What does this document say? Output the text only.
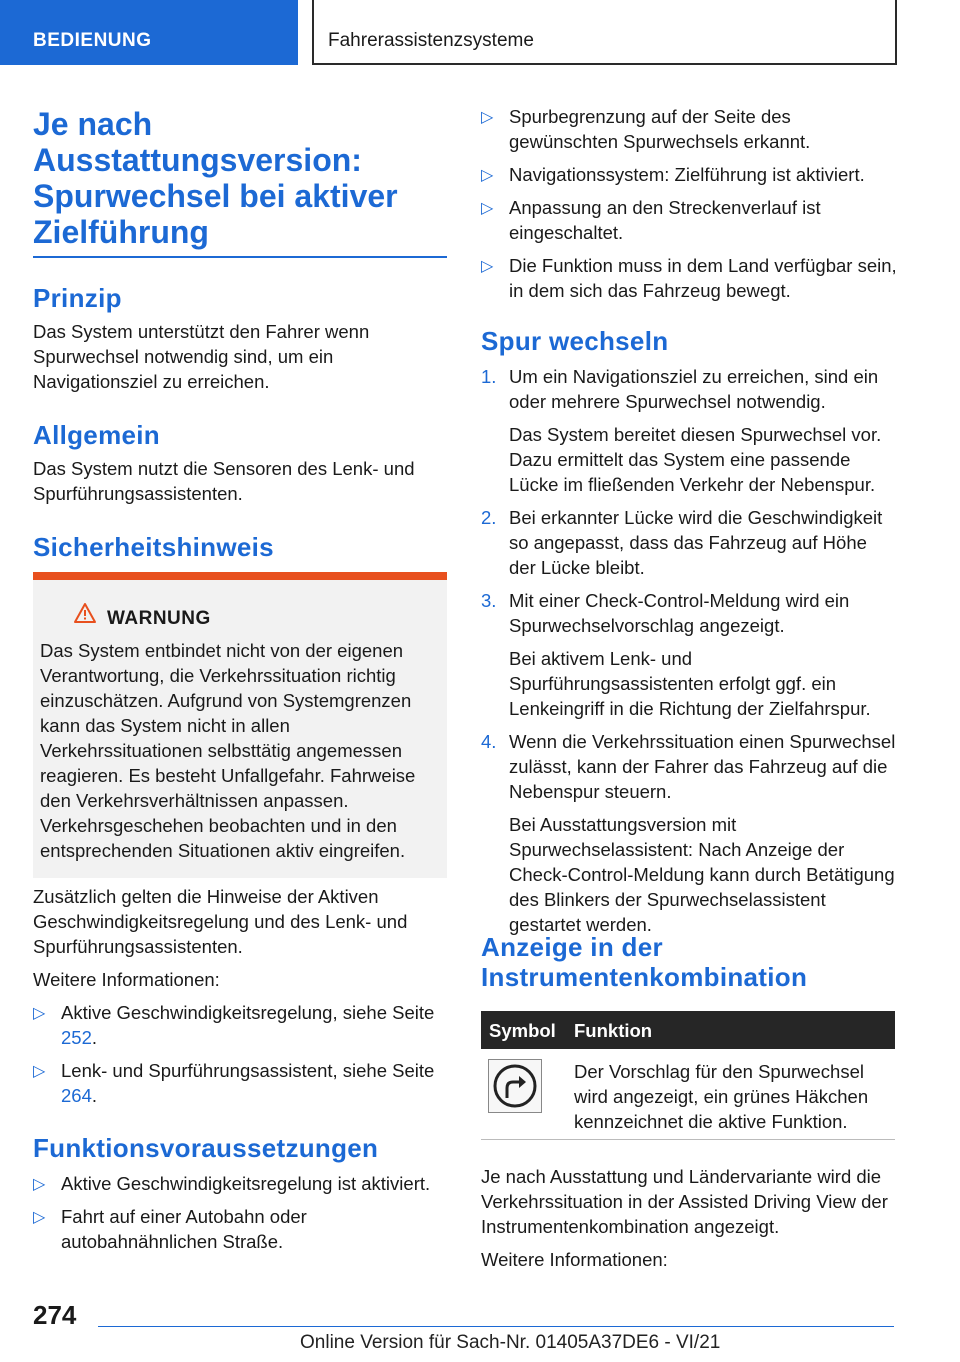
BEDIENUNG	Fahrerassistenzsysteme
Je nach
Ausstattungsversion:
Spurwechsel bei aktiver
Zielführung
Prinzip

Das System unterstützt den Fahrer wenn Spurwechsel notwendig sind, um ein Navigationsziel zu erreichen.

Allgemein

Das System nutzt die Sensoren des Lenk- und Spurführungsassistenten.

Sicherheitshinweis
WARNUNG
Das System entbindet nicht von der eigenen Verantwortung, die Verkehrssituation richtig einzuschätzen. Aufgrund von Systemgrenzen kann das System nicht in allen Verkehrssituationen selbsttätig angemessen reagieren. Es besteht Unfallgefahr. Fahrweise den Verkehrsverhältnissen anpassen. Verkehrsgeschehen beobachten und in den entsprechenden Situationen aktiv eingreifen.

Zusätzlich gelten die Hinweise der Aktiven Geschwindigkeitsregelung und des Lenk- und Spurführungsassistenten.

Weitere Informationen:

▷ Aktive Geschwindigkeitsregelung, siehe Seite 252.
▷ Lenk- und Spurführungsassistent, siehe Seite 264.
Funktionsvoraussetzungen
▷ Aktive Geschwindigkeitsregelung ist aktiviert.
▷ Fahrt auf einer Autobahn oder autobahnähnlichen Straße.
▷ Spurbegrenzung auf der Seite des gewünschten Spurwechsels erkannt.
▷ Navigationssystem: Zielführung ist aktiviert.
▷ Anpassung an den Streckenverlauf ist eingeschaltet.
▷ Die Funktion muss in dem Land verfügbar sein, in dem sich das Fahrzeug bewegt.
Spur wechseln
1. Um ein Navigationsziel zu erreichen, sind ein oder mehrere Spurwechsel notwendig.

Das System bereitet diesen Spurwechsel vor. Dazu ermittelt das System eine passende Lücke im fließenden Verkehr der Nebenspur.

2. Bei erkannter Lücke wird die Geschwindigkeit so angepasst, dass das Fahrzeug auf Höhe der Lücke bleibt.

3. Mit einer Check-Control-Meldung wird ein Spurwechselvorschlag angezeigt.

Bei aktivem Lenk- und Spurführungsassistenten erfolgt ggf. ein Lenkeingriff in die Richtung der Zielfahrspur.

4. Wenn die Verkehrssituation einen Spurwechsel zulässt, kann der Fahrer das Fahrzeug auf die Nebenspur steuern.

Bei Ausstattungsversion mit Spurwechselassistent: Nach Anzeige der Check-Control-Meldung kann durch Betätigung des Blinkers der Spurwechselassistent gestartet werden.

Anzeige in der
Instrumentenkombination
Symbol Funktion
Der Vorschlag für den Spurwechsel wird angezeigt, ein grünes Häkchen kennzeichnet die aktive Funktion.

Je nach Ausstattung und Ländervariante wird die Verkehrssituation in der Assisted Driving View der Instrumentenkombination angezeigt.

Weitere Informationen:

274
Online Version für Sach-Nr. 01405A37DE6 - VI/21
